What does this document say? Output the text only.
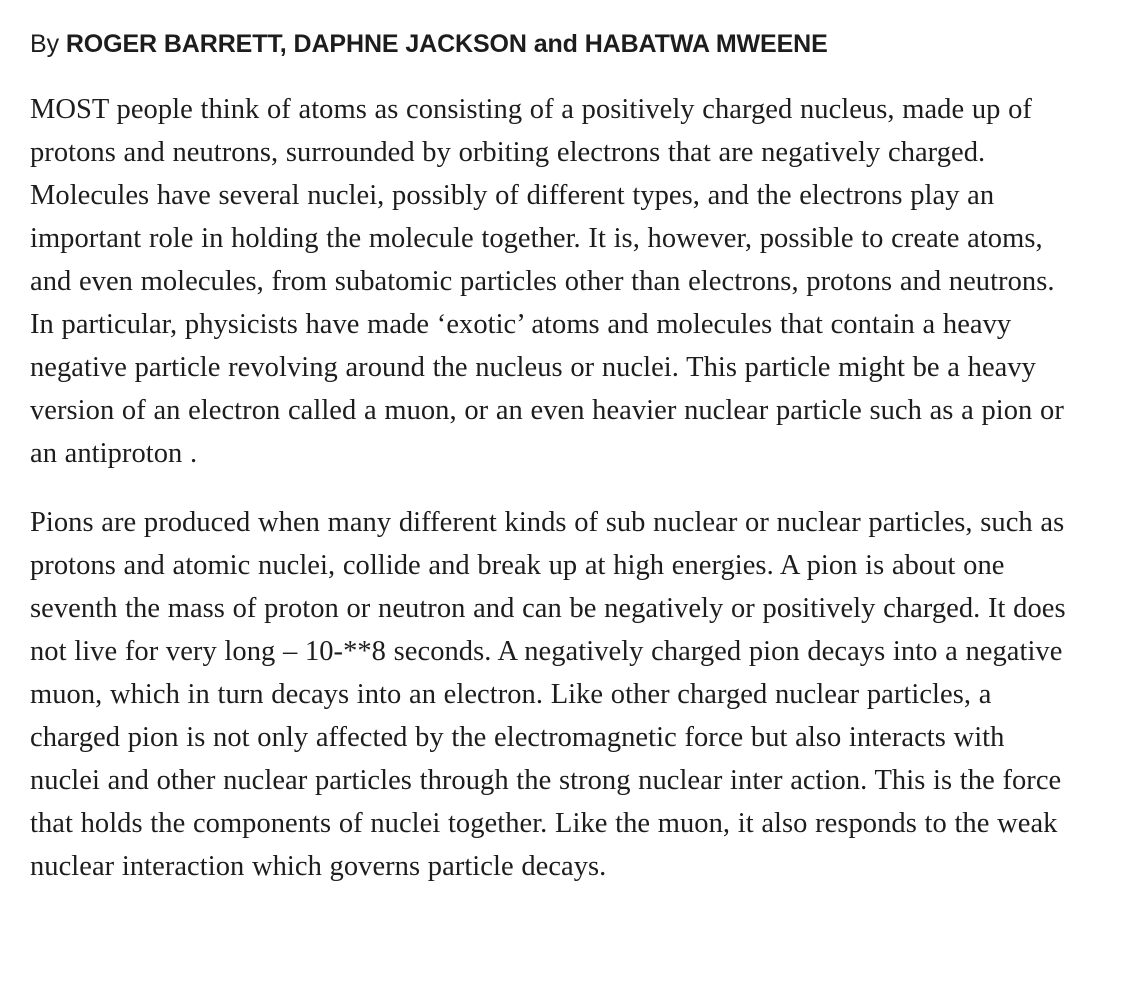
By ROGER BARRETT, DAPHNE JACKSON and HABATWA MWEENE

MOST people think of atoms as consisting of a positively charged nucleus, made up of protons and neutrons, surrounded by orbiting electrons that are negatively charged. Molecules have several nuclei, possibly of different types, and the electrons play an important role in holding the molecule together. It is, however, possible to create atoms, and even molecules, from subatomic particles other than electrons, protons and neutrons. In particular, physicists have made ‘exotic’ atoms and molecules that contain a heavy negative particle revolving around the nucleus or nuclei. This particle might be a heavy version of an electron called a muon, or an even heavier nuclear particle such as a pion or an antiproton .

Pions are produced when many different kinds of sub nuclear or nuclear particles, such as protons and atomic nuclei, collide and break up at high energies. A pion is about one seventh the mass of proton or neutron and can be negatively or positively charged. It does not live for very long – 10-**8 seconds. A negatively charged pion decays into a negative muon, which in turn decays into an electron. Like other charged nuclear particles, a charged pion is not only affected by the electromagnetic force but also interacts with nuclei and other nuclear particles through the strong nuclear inter action. This is the force that holds the components of nuclei together. Like the muon, it also responds to the weak nuclear interaction which governs particle decays.
